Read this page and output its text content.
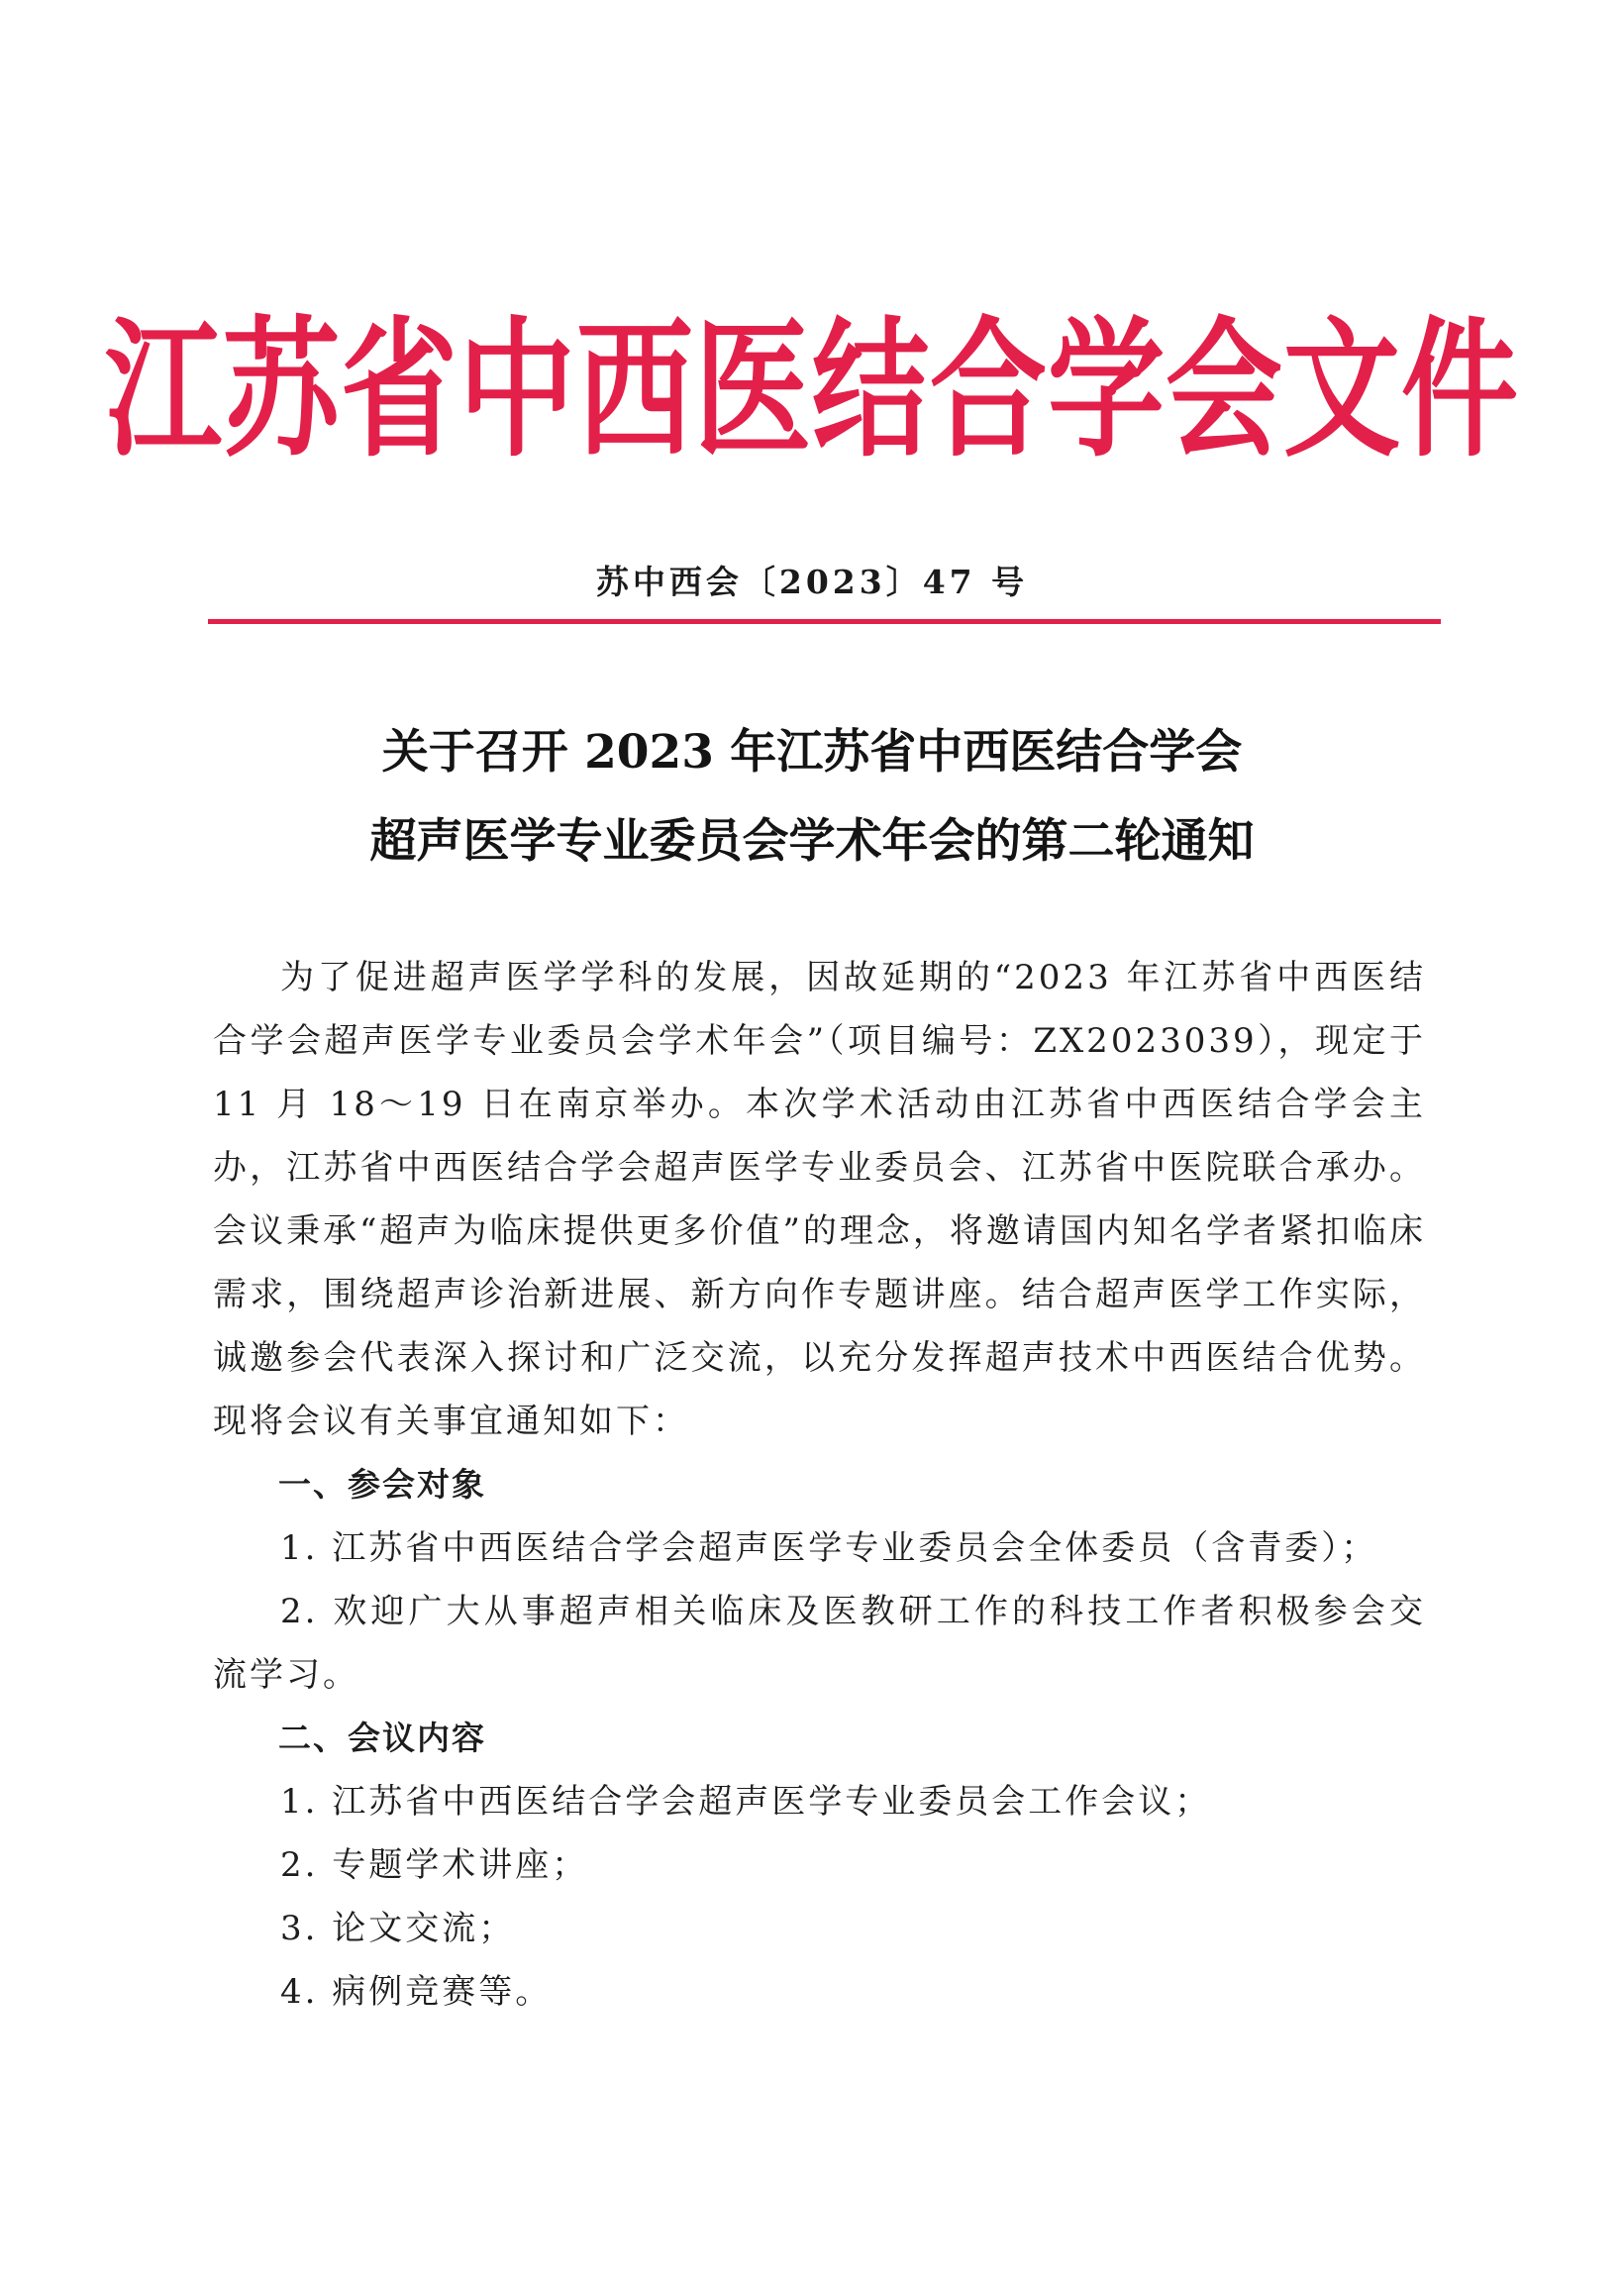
江苏省中西医结合学会文件
苏中西会〔2023〕47 号
关于召开 2023 年江苏省中西医结合学会
超声医学专业委员会学术年会的第二轮通知

为了促进超声医学学科的发展，因故延期的“2023 年江苏省中西医结合学会超声医学专业委员会学术年会”（项目编号：ZX2023039），现定于 11 月 18～19 日在南京举办。本次学术活动由江苏省中西医结合学会主办，江苏省中西医结合学会超声医学专业委员会、江苏省中医院联合承办。会议秉承“超声为临床提供更多价值”的理念，将邀请国内知名学者紧扣临床需求，围绕超声诊治新进展、新方向作专题讲座。结合超声医学工作实际，诚邀参会代表深入探讨和广泛交流，以充分发挥超声技术中西医结合优势。现将会议有关事宜通知如下：

一、参会对象

1. 江苏省中西医结合学会超声医学专业委员会全体委员（含青委）；

2. 欢迎广大从事超声相关临床及医教研工作的科技工作者积极参会交流学习。

二、会议内容

1. 江苏省中西医结合学会超声医学专业委员会工作会议；

2. 专题学术讲座；

3. 论文交流；

4. 病例竞赛等。
